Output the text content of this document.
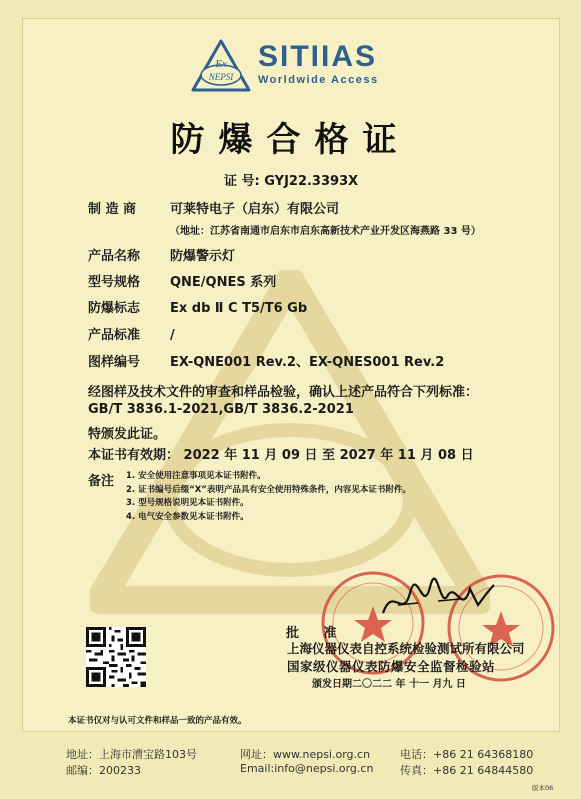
Ex
NEPSI
SITIIAS
Worldwide Access
防爆合格证
证 号: GYJ22.3393X
制 造 商	可莱特电子（启东）有限公司
（地址：江苏省南通市启东市启东高新技术产业开发区海燕路 33 号）
产品名称 防爆警示灯
型号规格 QNE/QNES 系列
防爆标志 Ex db Ⅱ C T5/T6 Gb
产品标准 /
图样编号 EX-QNE001 Rev.2、EX-QNES001 Rev.2
经图样及技术文件的审查和样品检验，确认上述产品符合下列标准：
GB/T 3836.1-2021,GB/T 3836.2-2021
特颁发此证。
本证书有效期： 2022 年 11 月 09 日 至 2027 年 11 月 08 日
备注 1. 安全使用注意事项见本证书附件。
2. 证书编号后缀“X”表明产品具有安全使用特殊条件，内容见本证书附件。
3. 型号规格说明见本证书附件。
4. 电气安全参数见本证书附件。
批 准
上海仪器仪表自控系统检验测试所有限公司
国家级仪器仪表防爆安全监督检验站
颁发日期二〇二二 年 十一 月九 日
本证书仅对与认可文件和样品一致的产品有效。
地址：上海市漕宝路103号
邮编：200233
网址：www.nepsi.org.cn
Email:info@nepsi.org.cn
电话：+86 21 64368180
传真：+86 21 64844580
版本06
